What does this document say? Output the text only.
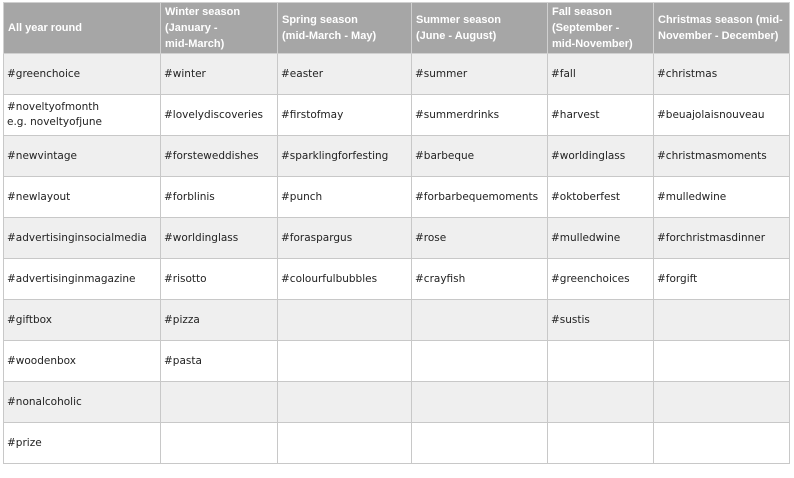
All year round	Winter season
(January -
mid-March)	Spring season
(mid-March - May)	Summer season
(June - August)	Fall season
(September -
mid-November)	Christmas season (mid-
November - December)

#greenchoice	#winter	#easter	#summer	#fall	#christmas
#noveltyofmonth
e.g. noveltyofjune	#lovelydiscoveries	#firstofmay	#summerdrinks	#harvest	#beuajolaisnouveau
#newvintage	#forsteweddishes	#sparklingforfesting	#barbeque	#worldinglass	#christmasmoments
#newlayout	#forblinis	#punch	#forbarbequemoments	#oktoberfest	#mulledwine
#advertisinginsocialmedia	#worldinglass	#foraspargus	#rose	#mulledwine	#forchristmasdinner
#advertisinginmagazine	#risotto	#colourfulbubbles	#crayfish	#greenchoices	#forgift
#giftbox	#pizza			#sustis	
#woodenbox	#pasta				
#nonalcoholic					
#prize					
